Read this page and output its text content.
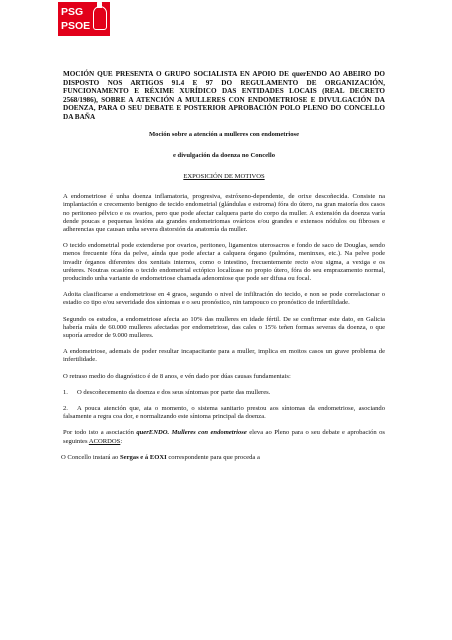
PSG
PSOE
MOCIÓN QUE PRESENTA O GRUPO SOCIALISTA EN APOIO DE querENDO AO ABEIRO DO DISPOSTO NOS ARTIGOS 91.4 E 97 DO REGULAMENTO DE ORGANIZACIÓN, FUNCIONAMENTO E RÉXIME XURÍDICO DAS ENTIDADES LOCAIS (REAL DECRETO 2568/1986), SOBRE A ATENCIÓN A MULLERES CON ENDOMETRIOSE E DIVULGACIÓN DA DOENZA, PARA O SEU DEBATE E POSTERIOR APROBACIÓN POLO PLENO DO CONCELLO DA BAÑA
Moción sobre a atención a mulleres con endometriose
e divulgación da doenza no Concello
EXPOSICIÓN DE MOTIVOS

A endometriose é unha doenza inflamatoria, progresiva, estróxeno-dependente, de orixe descoñecida. Consiste na implantación e crecemento benigno de tecido endometrial (glándulas e estroma) fóra do útero, na gran maioría dos casos no peritoneo pélvico e os ovarios, pero que pode afectar calquera parte do corpo da muller. A extensión da doenza varía dende poucas e pequenas lesións ata grandes endometriomas ováricos e/ou grandes e extensos nódulos ou fibroses e adherencias que causan unha severa distorsión da anatomía da muller.

O tecido endometrial pode extenderse por ovarios, peritoneo, ligamentos uterosacros e fondo de saco de Douglas, sendo menos frecuente fóra da pelve, aínda que pode afectar a calquera órgano (pulmóns, meninxes, etc.). Na pelve pode invadir órganos diferentes dos xenitais internos, como o intestino, frecuentemente recto e/ou sigma, a vexiga e os uréteres. Noutras ocasións o tecido endometrial ectópico localízase no propio útero, fóra do seu emprazamento normal, producindo unha variante de endometriose chamada adenomiose que pode ser difusa ou focal.

Adoita clasificarse a endometriose en 4 graos, segundo o nivel de infiltración do tecido, e non se pode correlacionar o estadio co tipo e/ou severidade dos síntomas e o seu pronóstico, nin tampouco co pronóstico de infertilidade.

Segundo os estudos, a endometriose afecta ao 10% das mulleres en idade fértil. De se confirmar este dato, en Galicia habería máis de 60.000 mulleres afectadas por endometriose, das cales o 15% teñen formas severas da doenza, o que suporía arredor de 9.000 mulleres.

A endometriose, ademais de poder resultar incapacitante para a muller, implica en moitos casos un grave problema de infertilidade.

O retraso medio do diagnóstico é de 8 anos, e vén dado por dúas causas fundamentais:

1. O descoñecemento da doenza e dos seus síntomas por parte das mulleres.
2. A pouca atención que, ata o momento, o sistema sanitario prestou aos síntomas da endometriose, asociando falsamente a regra coa dor, e normalizando este síntoma principal da doenza.

Por todo isto a asociación querENDO. Mulleres con endometriose eleva ao Pleno para o seu debate e aprobación os seguintes ACORDOS:

O Concello instará ao Sergas e á EOXI correspondente para que proceda a
